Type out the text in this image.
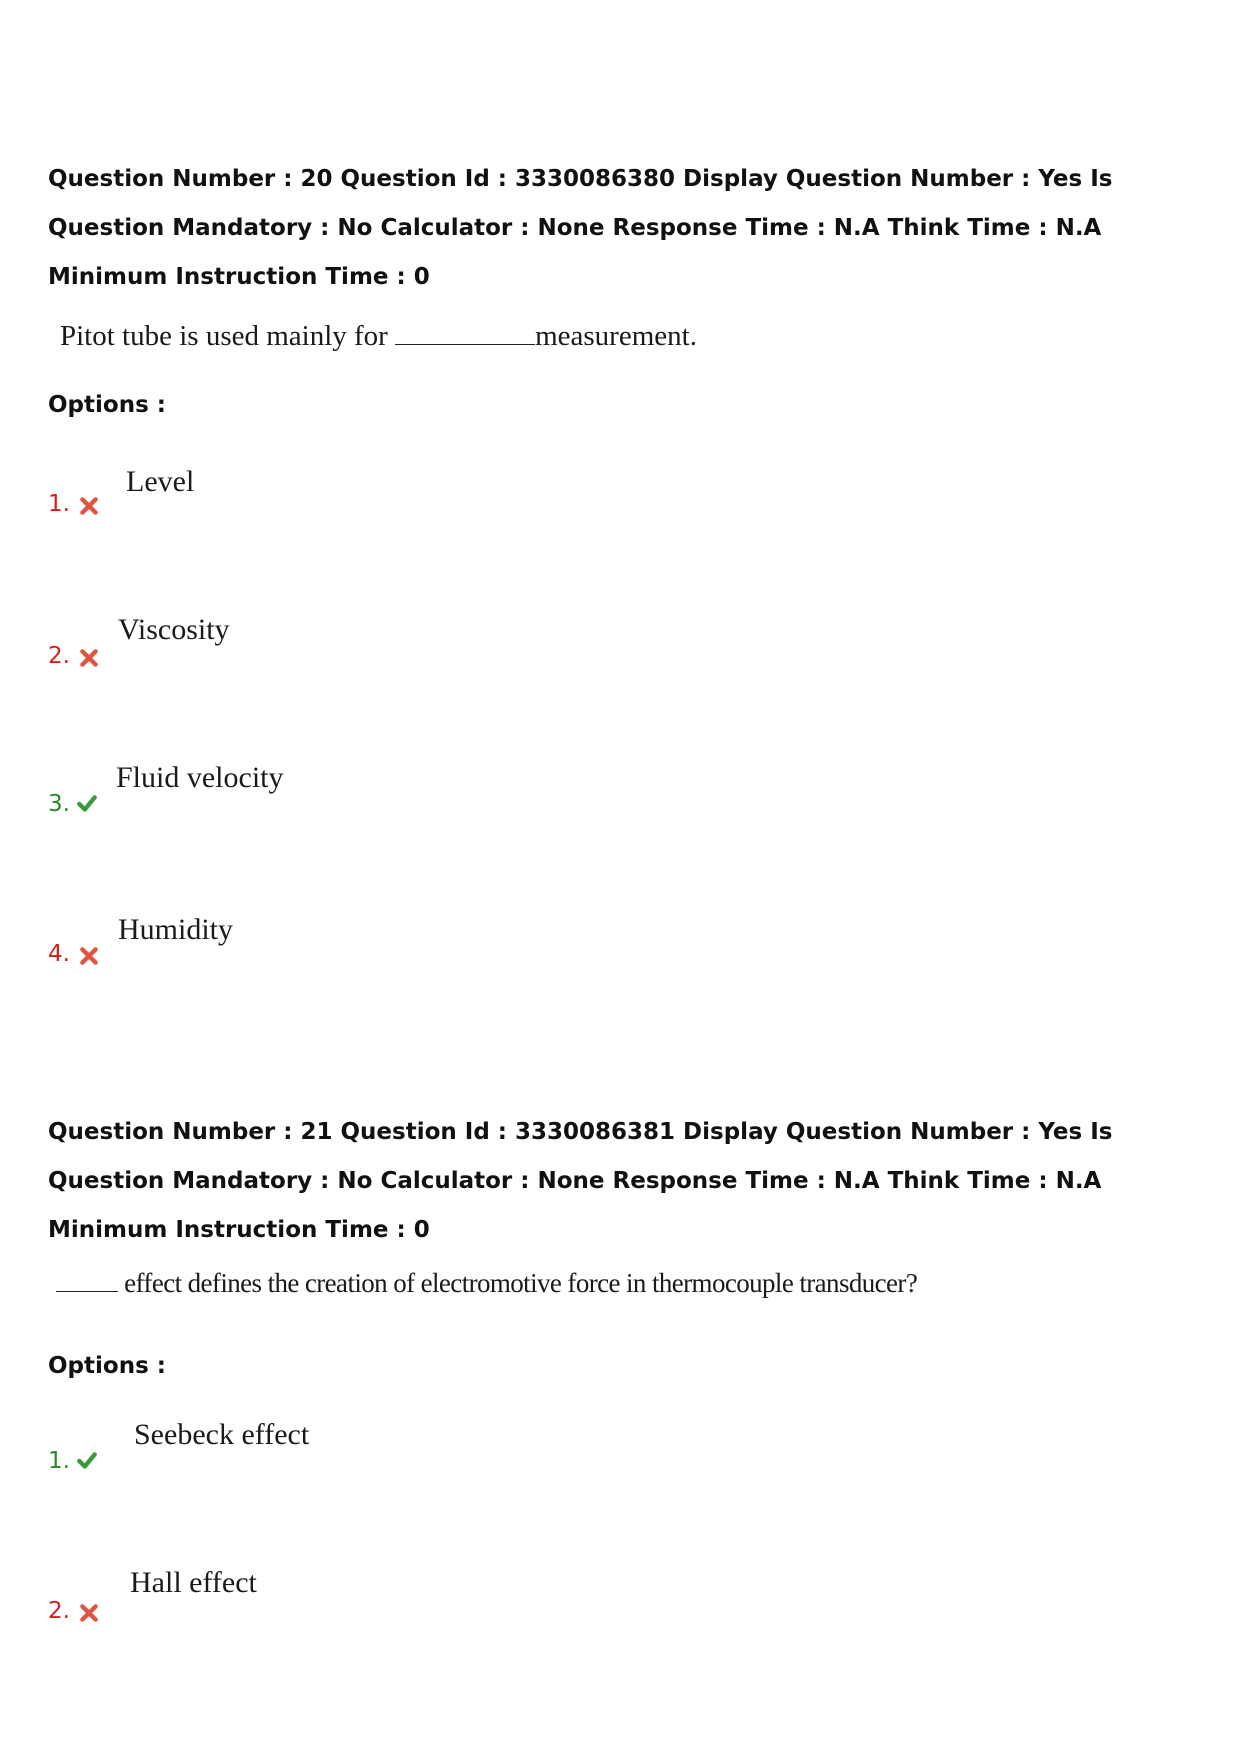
Question Number : 20 Question Id : 3330086380 Display Question Number : Yes Is Question Mandatory : No Calculator : None Response Time : N.A Think Time : N.A Minimum Instruction Time : 0

Pitot tube is used mainly for	measurement.
Options :
1.
Level
2.
Viscosity
3.
Fluid velocity
4.
Humidity

Question Number : 21 Question Id : 3330086381 Display Question Number : Yes Is Question Mandatory : No Calculator : None Response Time : N.A Think Time : N.A Minimum Instruction Time : 0

effect defines the creation of electromotive force in thermocouple transducer?
Options :
1.
Seebeck effect
2.
Hall effect
